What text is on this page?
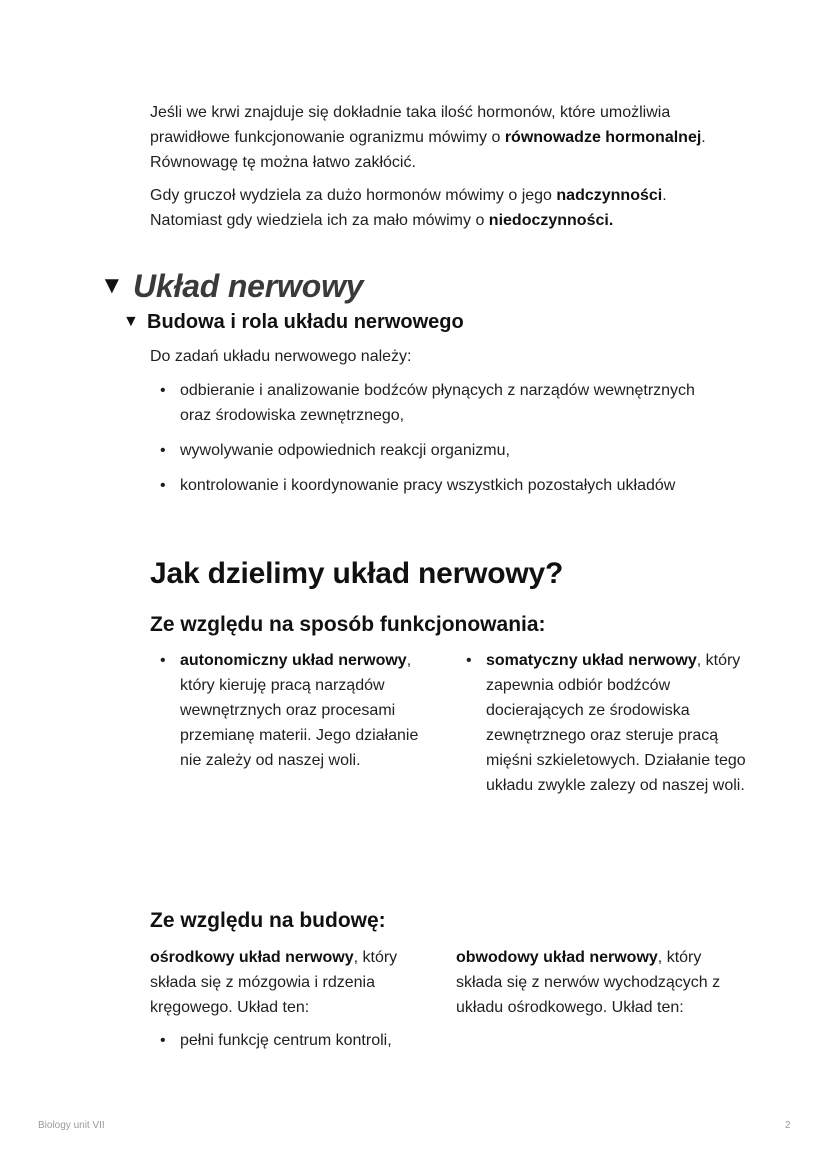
Jeśli we krwi znajduje się dokładnie taka ilość hormonów, które umożliwia prawidłowe funkcjonowanie ogranizmu mówimy o równowadze hormonalnej. Równowagę tę można łatwo zakłócić.

Gdy gruczoł wydziela za dużo hormonów mówimy o jego nadczynności. Natomiast gdy wiedziela ich za mało mówimy o niedoczynności.

▼ Układ nerwowy
▼ Budowa i rola układu nerwowego
Do zadań układu nerwowego należy:
• odbieranie i analizowanie bodźców płynących z narządów wewnętrznych oraz środowiska zewnętrznego,
• wywolywanie odpowiednich reakcji organizmu,
• kontrolowanie i koordynowanie pracy wszystkich pozostałych układów
Jak dzielimy układ nerwowy?
Ze względu na sposób funkcjonowania:
• autonomiczny układ nerwowy, który kieruję pracą narządów wewnętrznych oraz procesami przemianę materii. Jego działanie nie zależy od naszej woli.
• somatyczny układ nerwowy, który zapewnia odbiór bodźców docierających ze środowiska zewnętrznego oraz steruje pracą mięśni szkieletowych. Działanie tego układu zwykle zalezy od naszej woli.
Ze względu na budowę:

ośrodkowy układ nerwowy, który składa się z mózgowia i rdzenia kręgowego. Układ ten:

• pełni funkcję centrum kontroli,

obwodowy układ nerwowy, który składa się z nerwów wychodzących z układu ośrodkowego. Układ ten:

Biology unit VII	2
